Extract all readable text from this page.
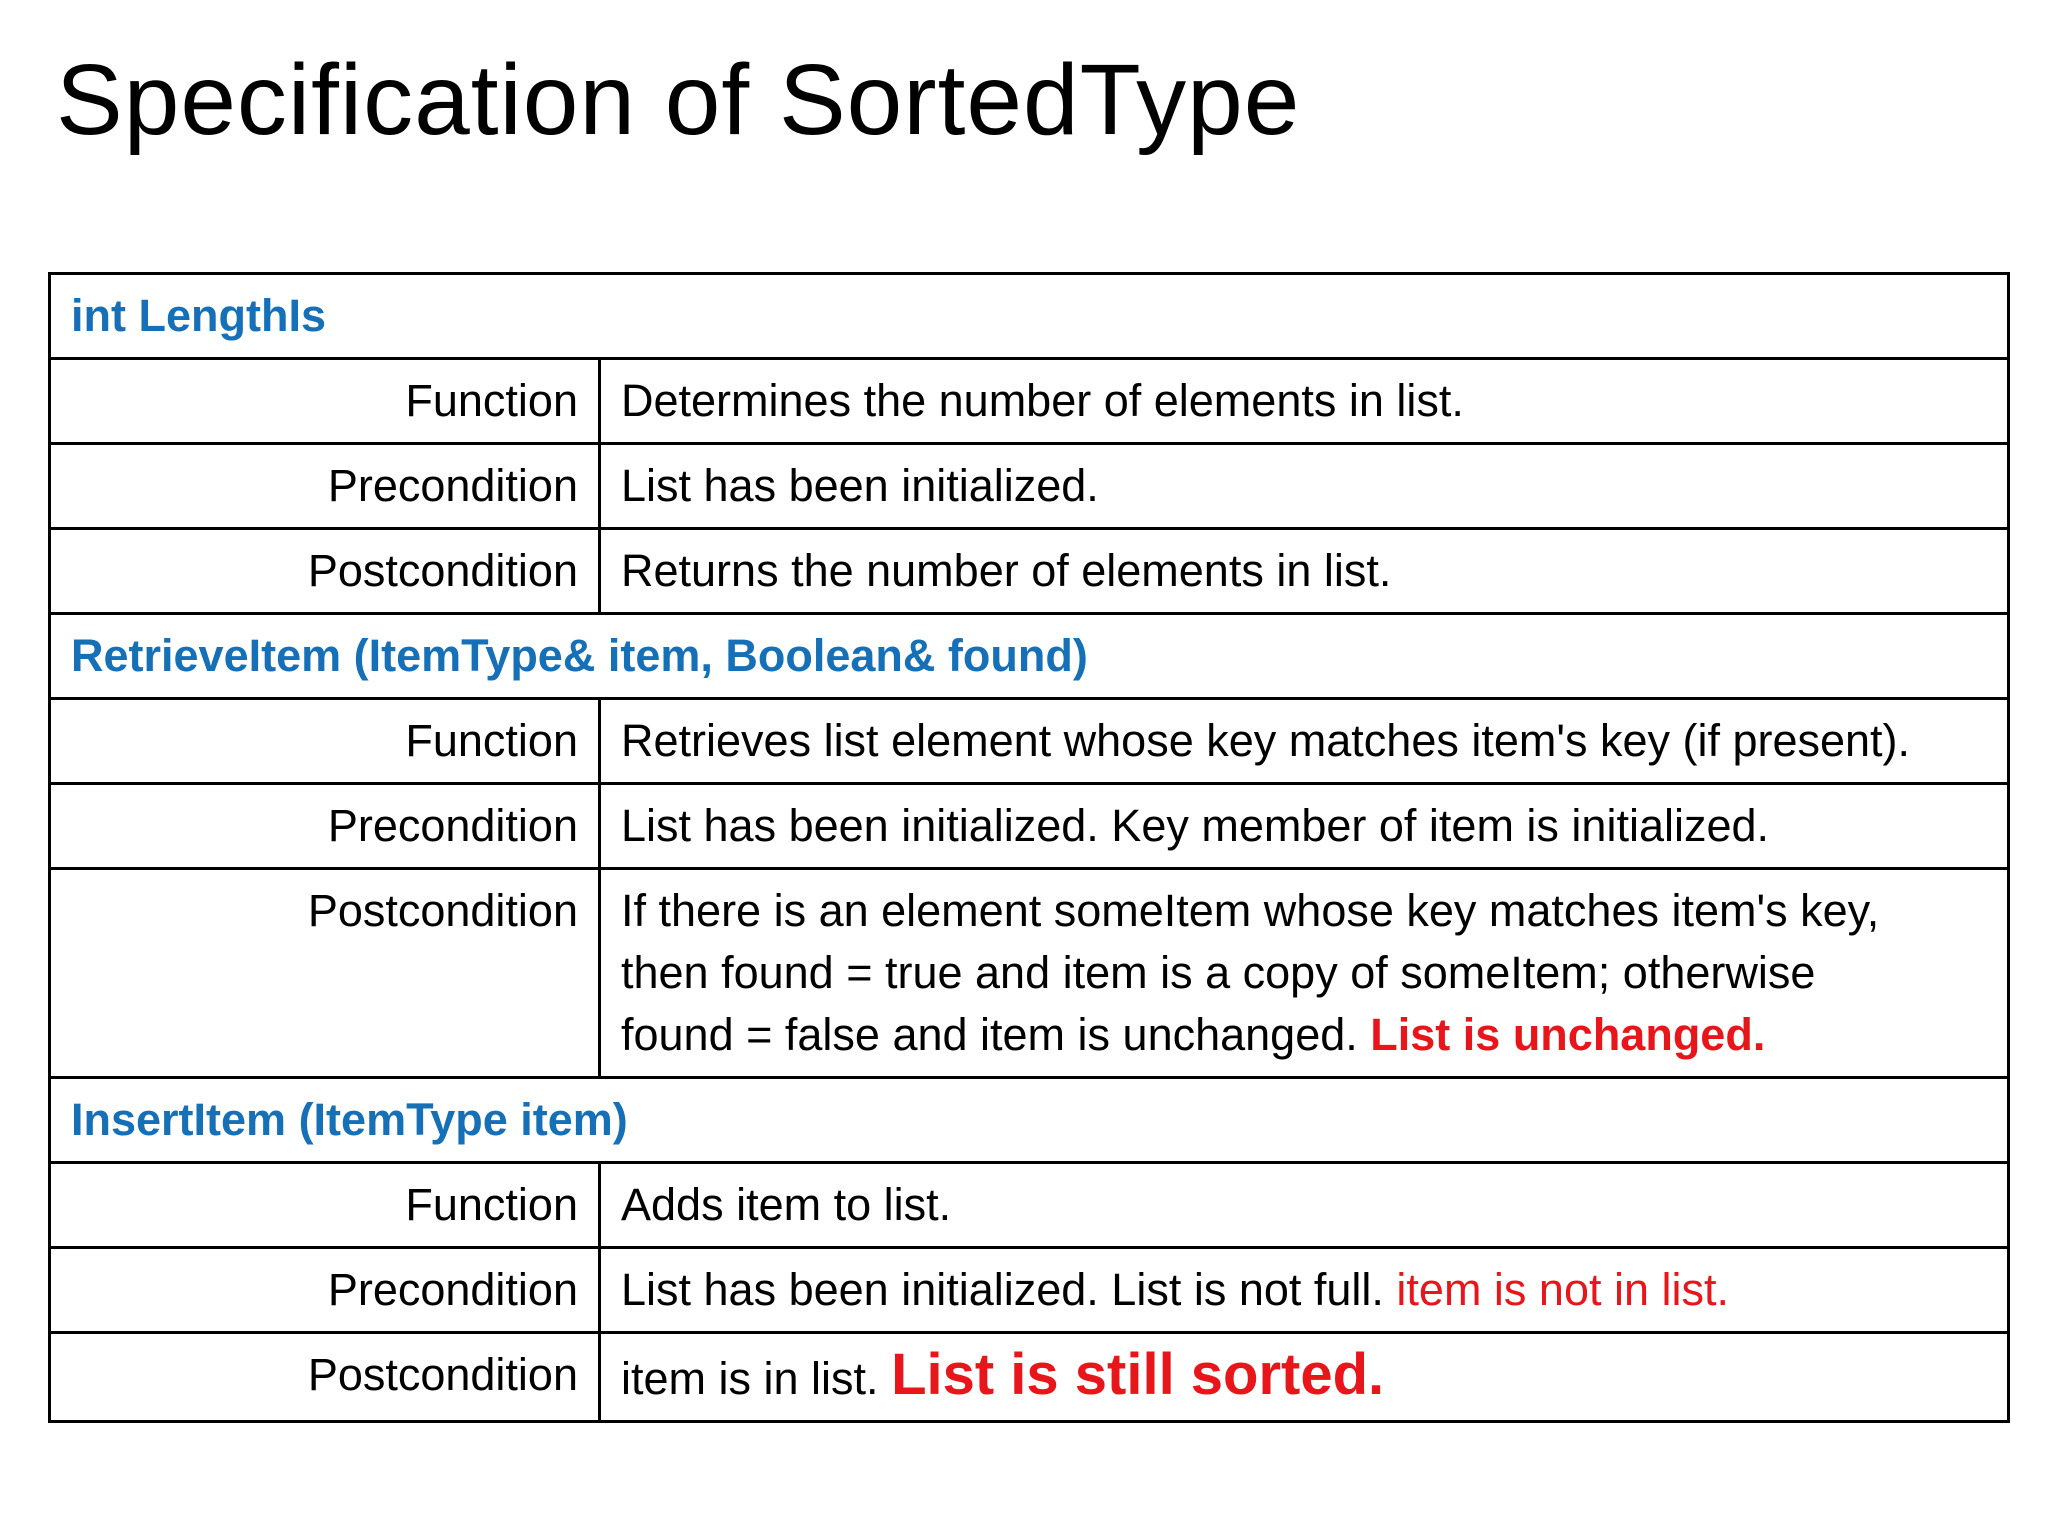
Specification of SortedType
int LengthIs	
Function	Determines the number of elements in list.
Precondition	List has been initialized.
Postcondition	Returns the number of elements in list.
RetrieveItem (ItemType& item, Boolean& found)	
Function	Retrieves list element whose key matches item's key (if present).
Precondition	List has been initialized. Key member of item is initialized.
Postcondition	If there is an element someItem whose key matches item's key,
then found = true and item is a copy of someItem; otherwise
found = false and item is unchanged. List is unchanged.
InsertItem (ItemType item)	
Function	Adds item to list.
Precondition	List has been initialized. List is not full. item is not in list.
Postcondition	item is in list. List is still sorted.
